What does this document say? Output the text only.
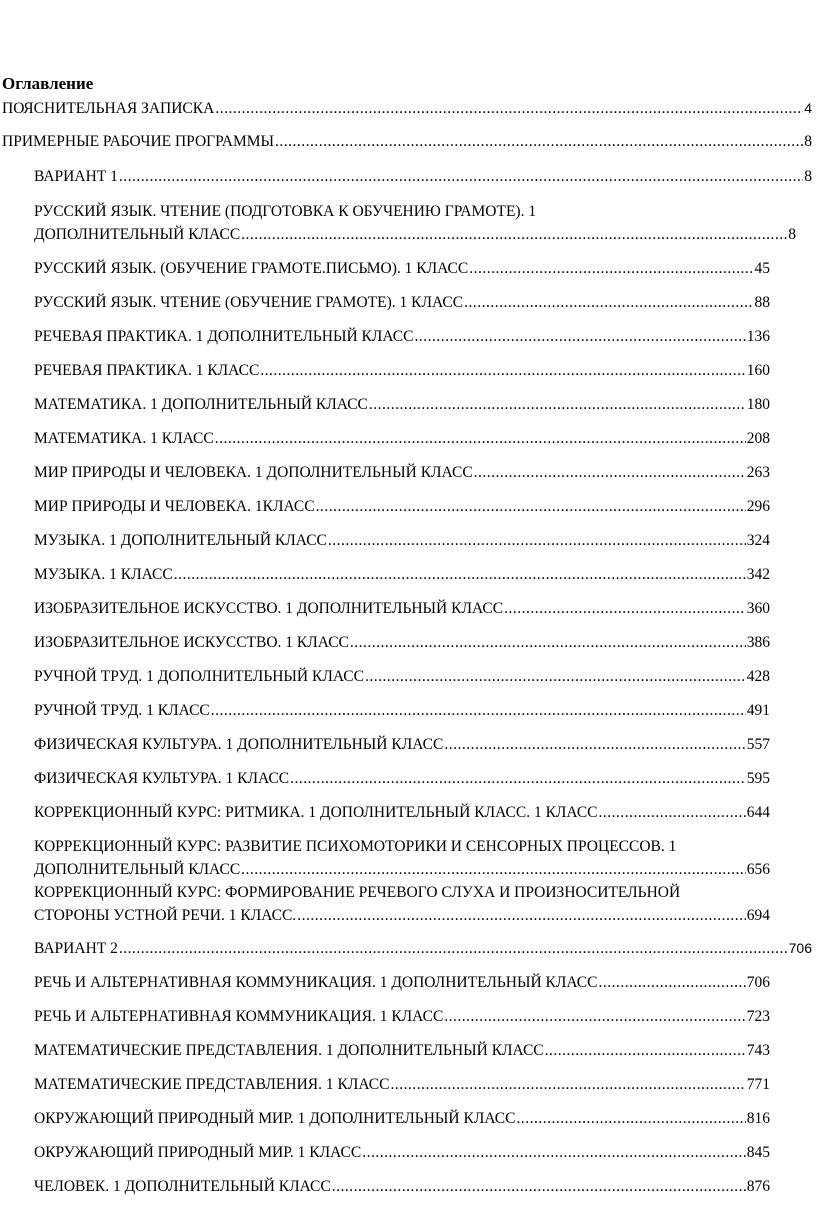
Оглавление
ПОЯСНИТЕЛЬНАЯ ЗАПИСКА .....	4
ПРИМЕРНЫЕ РАБОЧИЕ ПРОГРАММЫ .....	8
ВАРИАНТ 1 .....	8
РУССКИЙ ЯЗЫК. ЧТЕНИЕ (ПОДГОТОВКА К ОБУЧЕНИЮ ГРАМОТЕ). 1
ДОПОЛНИТЕЛЬНЫЙ КЛАСС .....	8
РУССКИЙ ЯЗЫК. (ОБУЧЕНИЕ ГРАМОТЕ.ПИСЬМО). 1 КЛАСС .....	45
РУССКИЙ ЯЗЫК. ЧТЕНИЕ (ОБУЧЕНИЕ ГРАМОТЕ). 1 КЛАСС .....	88
РЕЧЕВАЯ ПРАКТИКА. 1 ДОПОЛНИТЕЛЬНЫЙ КЛАСС .....	136
РЕЧЕВАЯ ПРАКТИКА. 1 КЛАСС .....	160
МАТЕМАТИКА. 1 ДОПОЛНИТЕЛЬНЫЙ КЛАСС .....	180
МАТЕМАТИКА. 1 КЛАСС .....	208
МИР ПРИРОДЫ И ЧЕЛОВЕКА. 1 ДОПОЛНИТЕЛЬНЫЙ КЛАСС .....	263
МИР ПРИРОДЫ И ЧЕЛОВЕКА. 1КЛАСС .....	296
МУЗЫКА. 1 ДОПОЛНИТЕЛЬНЫЙ КЛАСС .....	324
МУЗЫКА. 1 КЛАСС .....	342
ИЗОБРАЗИТЕЛЬНОЕ ИСКУССТВО. 1 ДОПОЛНИТЕЛЬНЫЙ КЛАСС .....	360
ИЗОБРАЗИТЕЛЬНОЕ ИСКУССТВО. 1 КЛАСС .....	386
РУЧНОЙ ТРУД. 1 ДОПОЛНИТЕЛЬНЫЙ КЛАСС .....	428
РУЧНОЙ ТРУД. 1 КЛАСС .....	491
ФИЗИЧЕСКАЯ КУЛЬТУРА. 1 ДОПОЛНИТЕЛЬНЫЙ КЛАСС .....	557
ФИЗИЧЕСКАЯ КУЛЬТУРА. 1 КЛАСС .....	595
КОРРЕКЦИОННЫЙ КУРС: РИТМИКА. 1 ДОПОЛНИТЕЛЬНЫЙ КЛАСС. 1 КЛАСС .....	644
КОРРЕКЦИОННЫЙ КУРС: РАЗВИТИЕ ПСИХОМОТОРИКИ И СЕНСОРНЫХ ПРОЦЕССОВ. 1
ДОПОЛНИТЕЛЬНЫЙ КЛАСС .....	656
КОРРЕКЦИОННЫЙ КУРС: ФОРМИРОВАНИЕ РЕЧЕВОГО СЛУХА И ПРОИЗНОСИТЕЛЬНОЙ
СТОРОНЫ УСТНОЙ РЕЧИ. 1 КЛАСС. .....	694
ВАРИАНТ 2 .....	706
РЕЧЬ И АЛЬТЕРНАТИВНАЯ КОММУНИКАЦИЯ. 1 ДОПОЛНИТЕЛЬНЫЙ КЛАСС .....	706
РЕЧЬ И АЛЬТЕРНАТИВНАЯ КОММУНИКАЦИЯ. 1 КЛАСС .....	723
МАТЕМАТИЧЕСКИЕ ПРЕДСТАВЛЕНИЯ. 1 ДОПОЛНИТЕЛЬНЫЙ КЛАСС .....	743
МАТЕМАТИЧЕСКИЕ ПРЕДСТАВЛЕНИЯ. 1 КЛАСС .....	771
ОКРУЖАЮЩИЙ ПРИРОДНЫЙ МИР. 1 ДОПОЛНИТЕЛЬНЫЙ КЛАСС .....	816
ОКРУЖАЮЩИЙ ПРИРОДНЫЙ МИР. 1 КЛАСС .....	845
ЧЕЛОВЕК. 1 ДОПОЛНИТЕЛЬНЫЙ КЛАСС .....	876
